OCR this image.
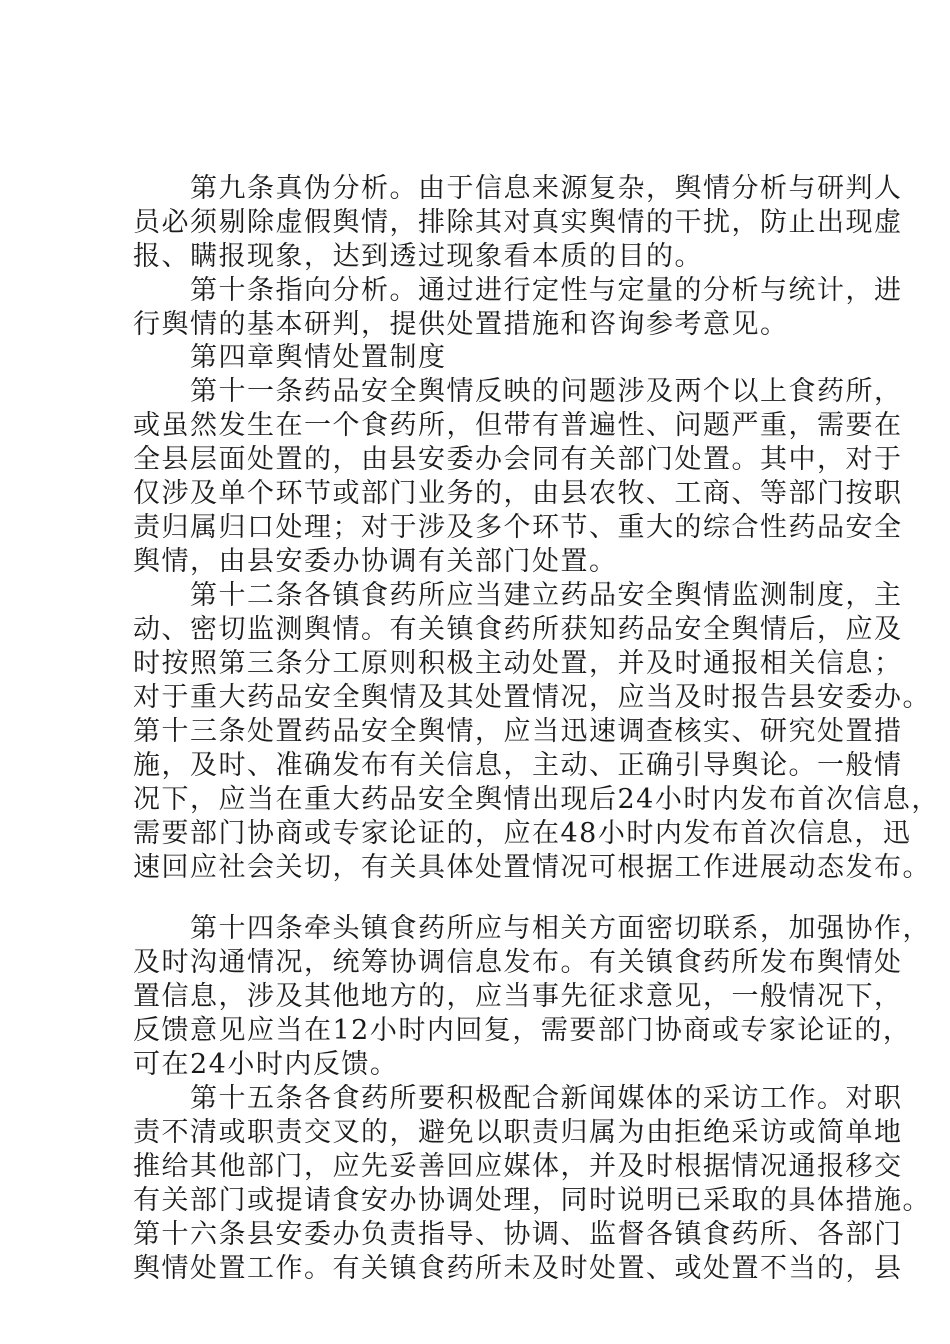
　　第九条真伪分析。由于信息来源复杂，舆情分析与研判人
员必须剔除虚假舆情，排除其对真实舆情的干扰，防止出现虚
报、瞒报现象，达到透过现象看本质的目的。
　　第十条指向分析。通过进行定性与定量的分析与统计，进
行舆情的基本研判，提供处置措施和咨询参考意见。
　　第四章舆情处置制度
　　第十一条药品安全舆情反映的问题涉及两个以上食药所，
或虽然发生在一个食药所，但带有普遍性、问题严重，需要在
全县层面处置的，由县安委办会同有关部门处置。其中，对于
仅涉及单个环节或部门业务的，由县农牧、工商、等部门按职
责归属归口处理；对于涉及多个环节、重大的综合性药品安全
舆情，由县安委办协调有关部门处置。
　　第十二条各镇食药所应当建立药品安全舆情监测制度，主
动、密切监测舆情。有关镇食药所获知药品安全舆情后，应及
时按照第三条分工原则积极主动处置，并及时通报相关信息；
对于重大药品安全舆情及其处置情况，应当及时报告县安委办。
第十三条处置药品安全舆情，应当迅速调查核实、研究处置措
施，及时、准确发布有关信息，主动、正确引导舆论。一般情
况下，应当在重大药品安全舆情出现后24小时内发布首次信息，
需要部门协商或专家论证的，应在48小时内发布首次信息，迅
速回应社会关切，有关具体处置情况可根据工作进展动态发布。
　　第十四条牵头镇食药所应与相关方面密切联系，加强协作，
及时沟通情况，统筹协调信息发布。有关镇食药所发布舆情处
置信息，涉及其他地方的，应当事先征求意见，一般情况下，
反馈意见应当在12小时内回复，需要部门协商或专家论证的，
可在24小时内反馈。
　　第十五条各食药所要积极配合新闻媒体的采访工作。对职
责不清或职责交叉的，避免以职责归属为由拒绝采访或简单地
推给其他部门，应先妥善回应媒体，并及时根据情况通报移交
有关部门或提请食安办协调处理，同时说明已采取的具体措施。
第十六条县安委办负责指导、协调、监督各镇食药所、各部门
舆情处置工作。有关镇食药所未及时处置、或处置不当的，县
